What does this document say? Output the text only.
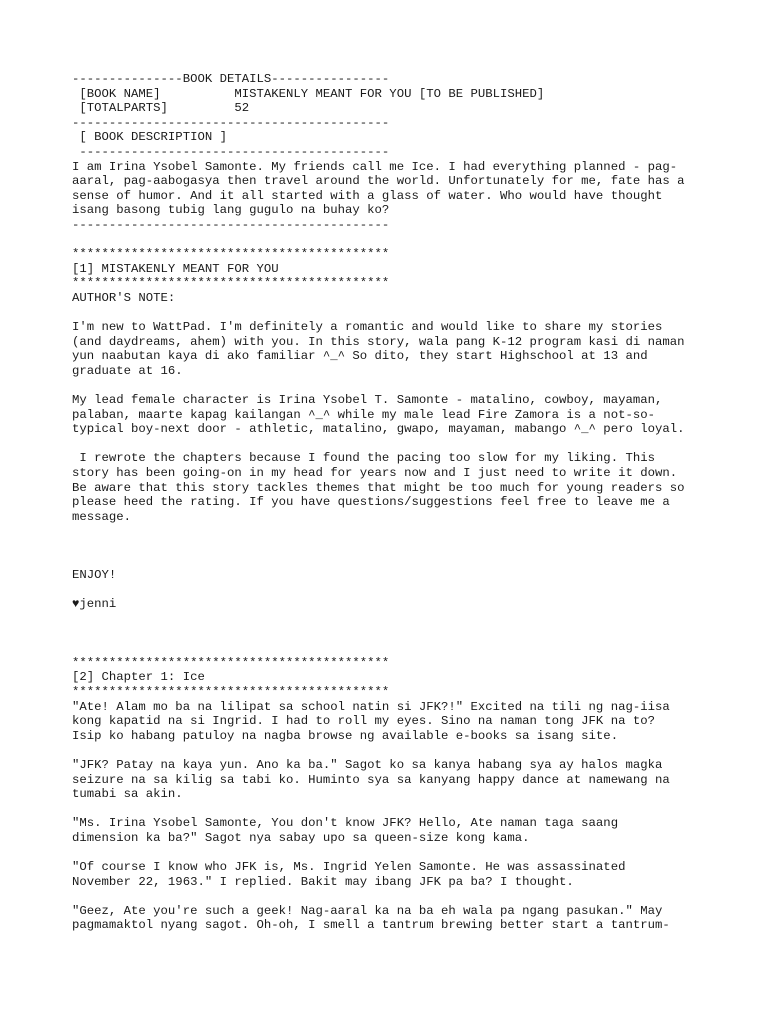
---------------BOOK DETAILS----------------
[BOOK NAME]          MISTAKENLY MEANT FOR YOU [TO BE PUBLISHED]
[TOTALPARTS]         52
-------------------------------------------
[ BOOK DESCRIPTION ]
------------------------------------------
I am Irina Ysobel Samonte. My friends call me Ice. I had everything planned - pag-
aaral, pag-aabogasya then travel around the world. Unfortunately for me, fate has a
sense of humor. And it all started with a glass of water. Who would have thought
isang basong tubig lang gugulo na buhay ko?
-------------------------------------------
*******************************************
[1] MISTAKENLY MEANT FOR YOU
*******************************************
AUTHOR'S NOTE:
I'm new to WattPad. I'm definitely a romantic and would like to share my stories
(and daydreams, ahem) with you. In this story, wala pang K-12 program kasi di naman
yun naabutan kaya di ako familiar ^_^ So dito, they start Highschool at 13 and
graduate at 16.
My lead female character is Irina Ysobel T. Samonte - matalino, cowboy, mayaman,
palaban, maarte kapag kailangan ^_^ while my male lead Fire Zamora is a not-so-
typical boy-next door - athletic, matalino, gwapo, mayaman, mabango ^_^ pero loyal.
I rewrote the chapters because I found the pacing too slow for my liking. This
story has been going-on in my head for years now and I just need to write it down.
Be aware that this story tackles themes that might be too much for young readers so
please heed the rating. If you have questions/suggestions feel free to leave me a
message.
ENJOY!
♥jenni
*******************************************
[2] Chapter 1: Ice
*******************************************
"Ate! Alam mo ba na lilipat sa school natin si JFK?!" Excited na tili ng nag-iisa
kong kapatid na si Ingrid. I had to roll my eyes. Sino na naman tong JFK na to?
Isip ko habang patuloy na nagba browse ng available e-books sa isang site.
"JFK? Patay na kaya yun. Ano ka ba." Sagot ko sa kanya habang sya ay halos magka
seizure na sa kilig sa tabi ko. Huminto sya sa kanyang happy dance at namewang na
tumabi sa akin.
"Ms. Irina Ysobel Samonte, You don't know JFK? Hello, Ate naman taga saang
dimension ka ba?" Sagot nya sabay upo sa queen-size kong kama.
"Of course I know who JFK is, Ms. Ingrid Yelen Samonte. He was assassinated
November 22, 1963." I replied. Bakit may ibang JFK pa ba? I thought.
"Geez, Ate you're such a geek! Nag-aaral ka na ba eh wala pa ngang pasukan." May
pagmamaktol nyang sagot. Oh-oh, I smell a tantrum brewing better start a tantrum-
